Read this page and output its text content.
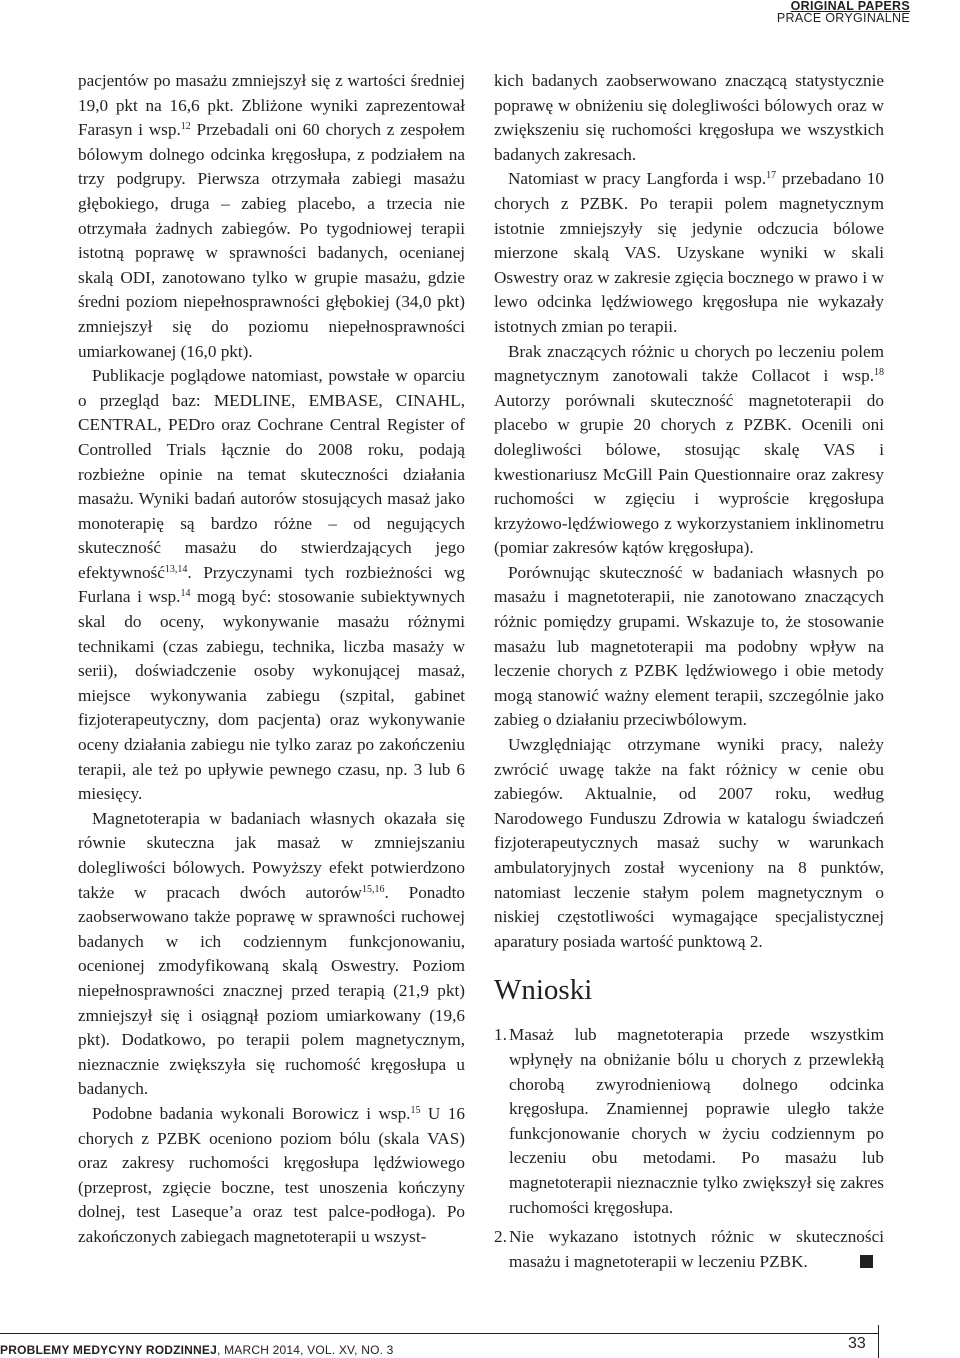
ORIGINAL PAPERS
PRACE ORYGINALNE

pacjentów po masażu zmniejszył się z wartości średniej 19,0 pkt na 16,6 pkt. Zbliżone wyniki zaprezentował Farasyn i wsp.$^{12}$ Przebadali oni 60 chorych z zespołem bólowym dolnego odcinka kręgosłupa, z podziałem na trzy podgrupy. Pierwsza otrzymała zabiegi masażu głębokiego, druga – zabieg placebo, a trzecia nie otrzymała żadnych zabiegów. Po tygodniowej terapii istotną poprawę w sprawności badanych, ocenianej skalą ODI, zanotowano tylko w grupie masażu, gdzie średni poziom niepełnosprawności głębokiej (34,0 pkt) zmniejszył się do poziomu niepełnosprawności umiarkowanej (16,0 pkt).

Publikacje poglądowe natomiast, powstałe w oparciu o przegląd baz: MEDLINE, EMBASE, CINAHL, CENTRAL, PEDro oraz Cochrane Central Register of Controlled Trials łącznie do 2008 roku, podają rozbieżne opinie na temat skuteczności działania masażu. Wyniki badań autorów stosujących masaż jako monoterapię są bardzo różne – od negujących skuteczność masażu do stwierdzających jego efektywność$^{13,14}$. Przyczynami tych rozbieżności wg Furlana i wsp.$^{14}$ mogą być: stosowanie subiektywnych skal do oceny, wykonywanie masażu różnymi technikami (czas zabiegu, technika, liczba masaży w serii), doświadczenie osoby wykonującej masaż, miejsce wykonywania zabiegu (szpital, gabinet fizjoterapeutyczny, dom pacjenta) oraz wykonywanie oceny działania zabiegu nie tylko zaraz po zakończeniu terapii, ale też po upływie pewnego czasu, np. 3 lub 6 miesięcy.

Magnetoterapia w badaniach własnych okazała się równie skuteczna jak masaż w zmniejszaniu dolegliwości bólowych. Powyższy efekt potwierdzono także w pracach dwóch autorów$^{15,16}$. Ponadto zaobserwowano także poprawę w sprawności ruchowej badanych w ich codziennym funkcjonowaniu, ocenionej zmodyfikowaną skalą Oswestry. Poziom niepełnosprawności znacznej przed terapią (21,9 pkt) zmniejszył się i osiągnął poziom umiarkowany (19,6 pkt). Dodatkowo, po terapii polem magnetycznym, nieznacznie zwiększyła się ruchomość kręgosłupa u badanych.

Podobne badania wykonali Borowicz i wsp.$^{15}$ U 16 chorych z PZBK oceniono poziom bólu (skala VAS) oraz zakresy ruchomości kręgosłupa lędźwiowego (przeprost, zgięcie boczne, test unoszenia kończyny dolnej, test Laseque’a oraz test palce-podłoga). Po zakończonych zabiegach magnetoterapii u wszyst-

kich badanych zaobserwowano znaczącą statystycznie poprawę w obniżeniu się dolegliwości bólowych oraz w zwiększeniu się ruchomości kręgosłupa we wszystkich badanych zakresach.

Natomiast w pracy Langforda i wsp.$^{17}$ przebadano 10 chorych z PZBK. Po terapii polem magnetycznym istotnie zmniejszyły się jedynie odczucia bólowe mierzone skalą VAS. Uzyskane wyniki w skali Oswestry oraz w zakresie zgięcia bocznego w prawo i w lewo odcinka lędźwiowego kręgosłupa nie wykazały istotnych zmian po terapii.

Brak znaczących różnic u chorych po leczeniu polem magnetycznym zanotowali także Collacot i wsp.$^{18}$ Autorzy porównali skuteczność magnetoterapii do placebo w grupie 20 chorych z PZBK. Ocenili oni dolegliwości bólowe, stosując skalę VAS i kwestionariusz McGill Pain Questionnaire oraz zakresy ruchomości w zgięciu i wyproście kręgosłupa krzyżowo-lędźwiowego z wykorzystaniem inklinometru (pomiar zakresów kątów kręgosłupa).

Porównując skuteczność w badaniach własnych po masażu i magnetoterapii, nie zanotowano znaczących różnic pomiędzy grupami. Wskazuje to, że stosowanie masażu lub magnetoterapii ma podobny wpływ na leczenie chorych z PZBK lędźwiowego i obie metody mogą stanowić ważny element terapii, szczególnie jako zabieg o działaniu przeciwbólowym.

Uwzględniając otrzymane wyniki pracy, należy zwrócić uwagę także na fakt różnicy w cenie obu zabiegów. Aktualnie, od 2007 roku, według Narodowego Funduszu Zdrowia w katalogu świadczeń fizjoterapeutycznych masaż suchy w warunkach ambulatoryjnych został wyceniony na 8 punktów, natomiast leczenie stałym polem magnetycznym o niskiej częstotliwości wymagające specjalistycznej aparatury posiada wartość punktową 2.

Wnioski
1. Masaż lub magnetoterapia przede wszystkim wpłynęły na obniżanie bólu u chorych z przewlekłą chorobą zwyrodnieniową dolnego odcinka kręgosłupa. Znamiennej poprawie uległo także funkcjonowanie chorych w życiu codziennym po leczeniu obu metodami. Po masażu lub magnetoterapii nieznacznie tylko zwiększył się zakres ruchomości kręgosłupa.
2. Nie wykazano istotnych różnic w skuteczności masażu i magnetoterapii w leczeniu PZBK.
PROBLEMY MEDYCYNY RODZINNEJ, MARCH 2014, VOL. XV, NO. 3	33
